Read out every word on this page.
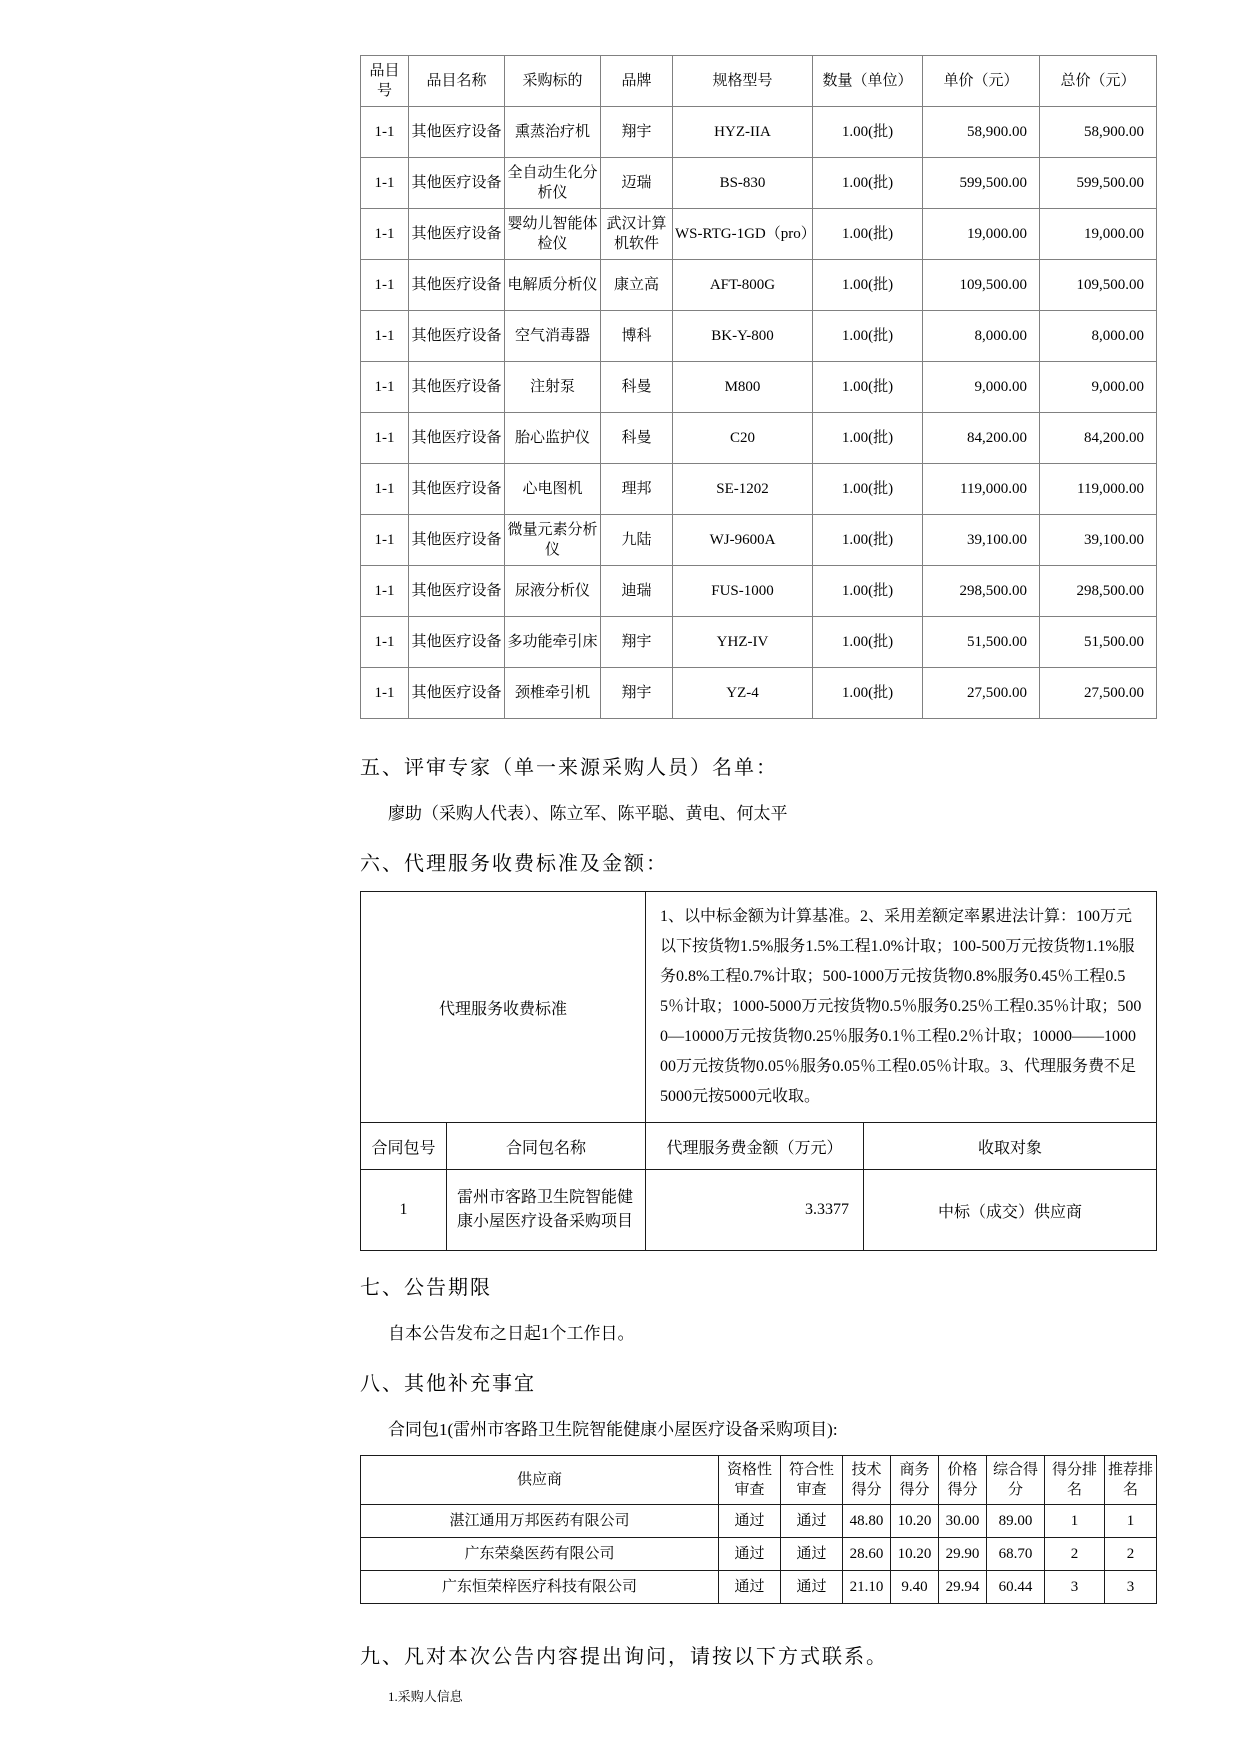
品目号	品目名称	采购标的	品牌	规格型号	数量（单位）	单价（元）	总价（元）
1-1	其他医疗设备	熏蒸治疗机	翔宇	HYZ-IIA	1.00(批)	58,900.00	58,900.00
1-1	其他医疗设备	全自动生化分析仪	迈瑞	BS-830	1.00(批)	599,500.00	599,500.00
1-1	其他医疗设备	婴幼儿智能体检仪	武汉计算机软件	WS-RTG-1GD（pro）	1.00(批)	19,000.00	19,000.00
1-1	其他医疗设备	电解质分析仪	康立高	AFT-800G	1.00(批)	109,500.00	109,500.00
1-1	其他医疗设备	空气消毒器	博科	BK-Y-800	1.00(批)	8,000.00	8,000.00
1-1	其他医疗设备	注射泵	科曼	M800	1.00(批)	9,000.00	9,000.00
1-1	其他医疗设备	胎心监护仪	科曼	C20	1.00(批)	84,200.00	84,200.00
1-1	其他医疗设备	心电图机	理邦	SE-1202	1.00(批)	119,000.00	119,000.00
1-1	其他医疗设备	微量元素分析仪	九陆	WJ-9600A	1.00(批)	39,100.00	39,100.00
1-1	其他医疗设备	尿液分析仪	迪瑞	FUS-1000	1.00(批)	298,500.00	298,500.00
1-1	其他医疗设备	多功能牵引床	翔宇	YHZ-IV	1.00(批)	51,500.00	51,500.00
1-1	其他医疗设备	颈椎牵引机	翔宇	YZ-4	1.00(批)	27,500.00	27,500.00
五、评审专家（单一来源采购人员）名单：

廖助（采购人代表）、陈立军、陈平聪、黄电、何太平

六、代理服务收费标准及金额：
代理服务收费标准		1、以中标金额为计算基准。2、采用差额定率累进法计算：100万元以下按货物1.5%服务1.5%工程1.0%计取；100-500万元按货物1.1%服务0.8%工程0.7%计取；500-1000万元按货物0.8%服务0.45％工程0.55％计取；1000-5000万元按货物0.5％服务0.25％工程0.35％计取；5000—10000万元按货物0.25％服务0.1％工程0.2％计取；10000——100000万元按货物0.05％服务0.05％工程0.05％计取。3、代理服务费不足5000元按5000元收取。	
合同包号	合同包名称	代理服务费金额（万元）	收取对象
1	雷州市客路卫生院智能健康小屋医疗设备采购项目	3.3377	中标（成交）供应商
七、公告期限

自本公告发布之日起1个工作日。

八、其他补充事宜

合同包1(雷州市客路卫生院智能健康小屋医疗设备采购项目):

供应商	资格性审查	符合性审查	技术得分	商务得分	价格得分	综合得分	得分排名	推荐排名
湛江通用万邦医药有限公司	通过	通过	48.80	10.20	30.00	89.00	1	1
广东荣燊医药有限公司	通过	通过	28.60	10.20	29.90	68.70	2	2
广东恒荣梓医疗科技有限公司	通过	通过	21.10	9.40	29.94	60.44	3	3
九、凡对本次公告内容提出询问，请按以下方式联系。

1.采购人信息
